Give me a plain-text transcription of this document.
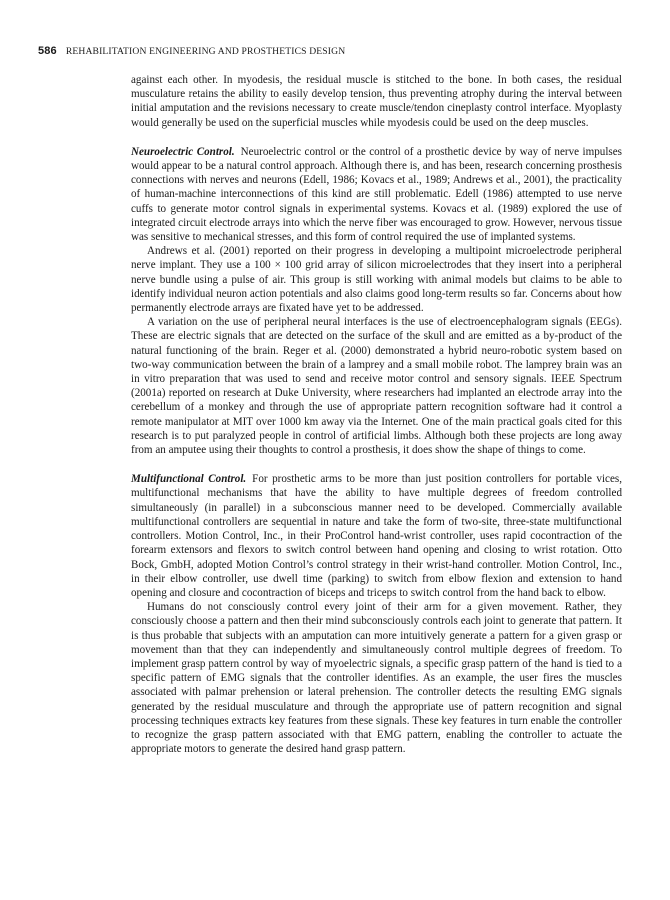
586 REHABILITATION ENGINEERING AND PROSTHETICS DESIGN

against each other. In myodesis, the residual muscle is stitched to the bone. In both cases, the residual musculature retains the ability to easily develop tension, thus preventing atrophy during the interval between initial amputation and the revisions necessary to create muscle/tendon cineplasty control interface. Myoplasty would generally be used on the superficial muscles while myodesis could be used on the deep muscles.

Neuroelectric Control. Neuroelectric control or the control of a prosthetic device by way of nerve impulses would appear to be a natural control approach. Although there is, and has been, research concerning prosthesis connections with nerves and neurons (Edell, 1986; Kovacs et al., 1989; Andrews et al., 2001), the practicality of human-machine interconnections of this kind are still problematic. Edell (1986) attempted to use nerve cuffs to generate motor control signals in experimental systems. Kovacs et al. (1989) explored the use of integrated circuit electrode arrays into which the nerve fiber was encouraged to grow. However, nervous tissue was sensitive to mechanical stresses, and this form of control required the use of implanted systems.

Andrews et al. (2001) reported on their progress in developing a multipoint microelectrode peripheral nerve implant. They use a 100 × 100 grid array of silicon microelectrodes that they insert into a peripheral nerve bundle using a pulse of air. This group is still working with animal models but claims to be able to identify individual neuron action potentials and also claims good long-term results so far. Concerns about how permanently electrode arrays are fixated have yet to be addressed.

A variation on the use of peripheral neural interfaces is the use of electroencephalogram signals (EEGs). These are electric signals that are detected on the surface of the skull and are emitted as a by-product of the natural functioning of the brain. Reger et al. (2000) demonstrated a hybrid neuro-robotic system based on two-way communication between the brain of a lamprey and a small mobile robot. The lamprey brain was an in vitro preparation that was used to send and receive motor control and sensory signals. IEEE Spectrum (2001a) reported on research at Duke University, where researchers had implanted an electrode array into the cerebellum of a monkey and through the use of appropriate pattern recognition software had it control a remote manipulator at MIT over 1000 km away via the Internet. One of the main practical goals cited for this research is to put paralyzed people in control of artificial limbs. Although both these projects are long away from an amputee using their thoughts to control a prosthesis, it does show the shape of things to come.

Multifunctional Control. For prosthetic arms to be more than just position controllers for portable vices, multifunctional mechanisms that have the ability to have multiple degrees of freedom controlled simultaneously (in parallel) in a subconscious manner need to be developed. Commercially available multifunctional controllers are sequential in nature and take the form of two-site, three-state multifunctional controllers. Motion Control, Inc., in their ProControl hand-wrist controller, uses rapid cocontraction of the forearm extensors and flexors to switch control between hand opening and closing to wrist rotation. Otto Bock, GmbH, adopted Motion Control’s control strategy in their wrist-hand controller. Motion Control, Inc., in their elbow controller, use dwell time (parking) to switch from elbow flexion and extension to hand opening and closure and cocontraction of biceps and triceps to switch control from the hand back to elbow.

Humans do not consciously control every joint of their arm for a given movement. Rather, they consciously choose a pattern and then their mind subconsciously controls each joint to generate that pattern. It is thus probable that subjects with an amputation can more intuitively generate a pattern for a given grasp or movement than that they can independently and simultaneously control multiple degrees of freedom. To implement grasp pattern control by way of myoelectric signals, a specific grasp pattern of the hand is tied to a specific pattern of EMG signals that the controller identifies. As an example, the user fires the muscles associated with palmar prehension or lateral prehension. The controller detects the resulting EMG signals generated by the residual musculature and through the appropriate use of pattern recognition and signal processing techniques extracts key features from these signals. These key features in turn enable the controller to recognize the grasp pattern associated with that EMG pattern, enabling the controller to actuate the appropriate motors to generate the desired hand grasp pattern.
